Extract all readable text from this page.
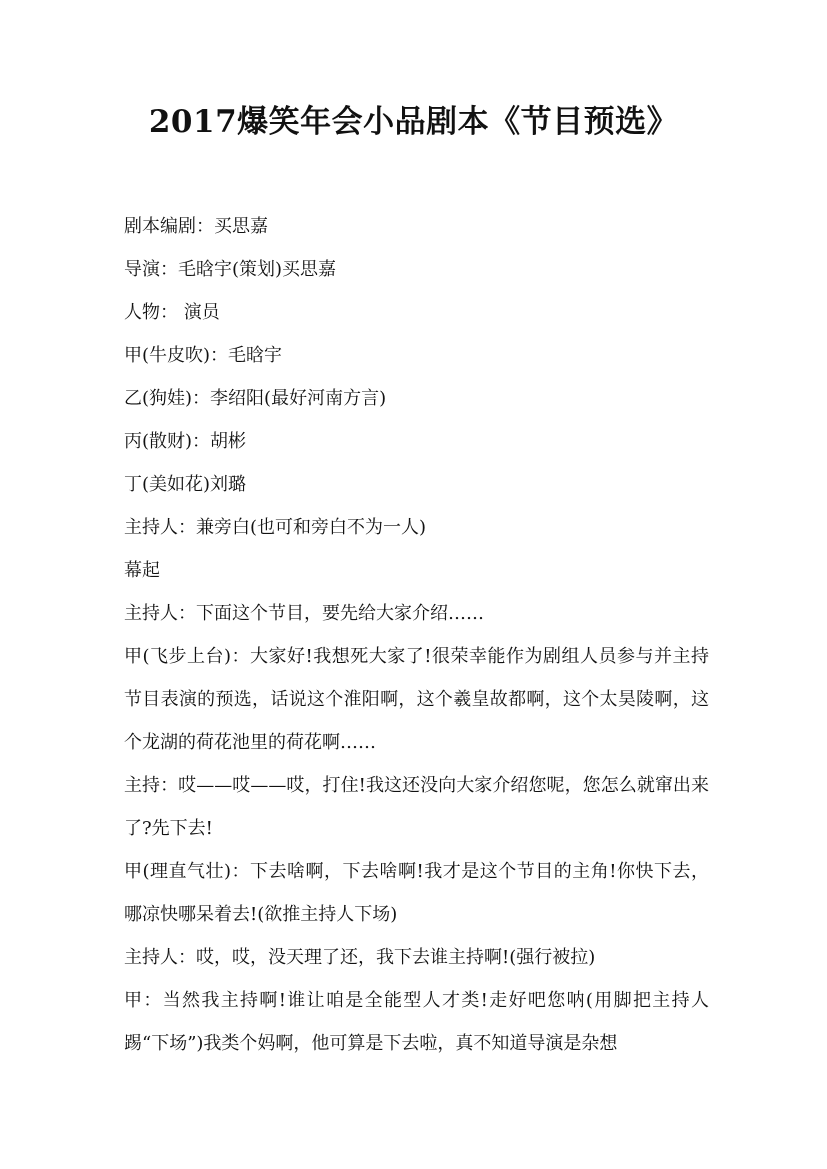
2017爆笑年会小品剧本《节目预选》

剧本编剧：买思嘉

导演：毛晗宇(策划)买思嘉

人物： 演员

甲(牛皮吹)：毛晗宇

乙(狗娃)：李绍阳(最好河南方言)

丙(散财)：胡彬

丁(美如花)刘璐

主持人：兼旁白(也可和旁白不为一人)

幕起

主持人：下面这个节目，要先给大家介绍……

甲(飞步上台)：大家好!我想死大家了!很荣幸能作为剧组人员参与并主持节目表演的预选，话说这个淮阳啊，这个羲皇故都啊，这个太昊陵啊，这个龙湖的荷花池里的荷花啊……

主持：哎——哎——哎，打住!我这还没向大家介绍您呢，您怎么就窜出来了?先下去!

甲(理直气壮)：下去啥啊，下去啥啊!我才是这个节目的主角!你快下去，哪凉快哪呆着去!(欲推主持人下场)

主持人：哎，哎，没天理了还，我下去谁主持啊!(强行被拉)

甲：当然我主持啊!谁让咱是全能型人才类!走好吧您呐(用脚把主持人踢“下场”)我类个妈啊，他可算是下去啦，真不知道导演是杂想
